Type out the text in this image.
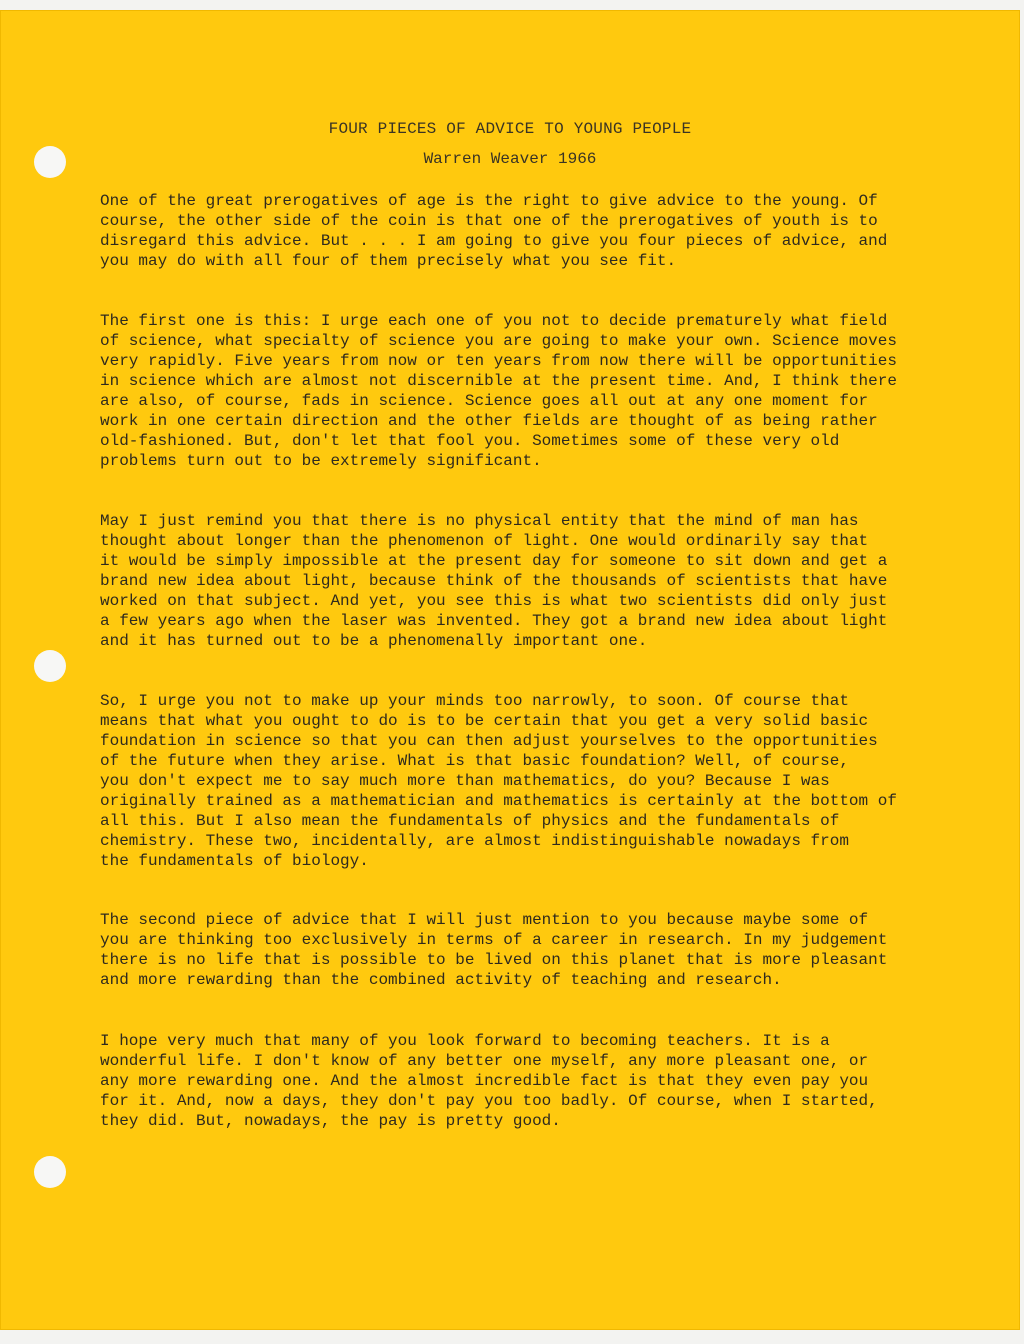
FOUR PIECES OF ADVICE TO YOUNG PEOPLE

Warren Weaver 1966

One of the great prerogatives of age is the right to give advice to the young. Of
course, the other side of the coin is that one of the prerogatives of youth is to
disregard this advice. But . . . I am going to give you four pieces of advice, and
you may do with all four of them precisely what you see fit.

The first one is this: I urge each one of you not to decide prematurely what field
of science, what specialty of science you are going to make your own. Science moves
very rapidly. Five years from now or ten years from now there will be opportunities
in science which are almost not discernible at the present time. And, I think there
are also, of course, fads in science. Science goes all out at any one moment for
work in one certain direction and the other fields are thought of as being rather
old-fashioned. But, don't let that fool you. Sometimes some of these very old
problems turn out to be extremely significant.

May I just remind you that there is no physical entity that the mind of man has
thought about longer than the phenomenon of light. One would ordinarily say that
it would be simply impossible at the present day for someone to sit down and get a
brand new idea about light, because think of the thousands of scientists that have
worked on that subject. And yet, you see this is what two scientists did only just
a few years ago when the laser was invented. They got a brand new idea about light
and it has turned out to be a phenomenally important one.

So, I urge you not to make up your minds too narrowly, to soon. Of course that
means that what you ought to do is to be certain that you get a very solid basic
foundation in science so that you can then adjust yourselves to the opportunities
of the future when they arise. What is that basic foundation? Well, of course,
you don't expect me to say much more than mathematics, do you? Because I was
originally trained as a mathematician and mathematics is certainly at the bottom of
all this. But I also mean the fundamentals of physics and the fundamentals of
chemistry. These two, incidentally, are almost indistinguishable nowadays from
the fundamentals of biology.

The second piece of advice that I will just mention to you because maybe some of
you are thinking too exclusively in terms of a career in research. In my judgement
there is no life that is possible to be lived on this planet that is more pleasant
and more rewarding than the combined activity of teaching and research.

I hope very much that many of you look forward to becoming teachers. It is a
wonderful life. I don't know of any better one myself, any more pleasant one, or
any more rewarding one. And the almost incredible fact is that they even pay you
for it. And, now a days, they don't pay you too badly. Of course, when I started,
they did. But, nowadays, the pay is pretty good.
